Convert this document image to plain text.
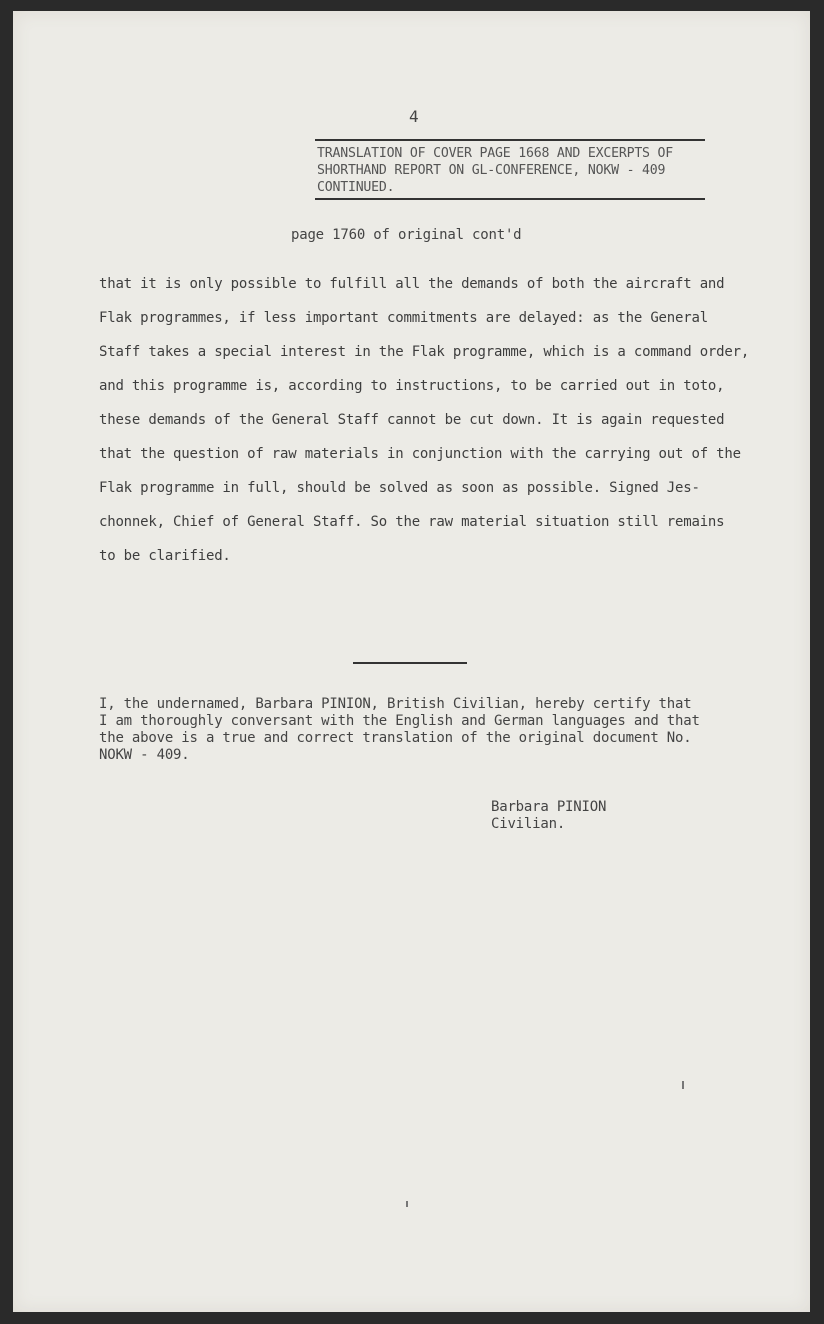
4
TRANSLATION OF COVER PAGE 1668 AND EXCERPTS OF
SHORTHAND REPORT ON GL-CONFERENCE, NOKW - 409
CONTINUED.
page 1760 of original cont'd
that it is only possible to fulfill all the demands of both the aircraft and
Flak programmes, if less important commitments are delayed: as the General
Staff takes a special interest in the Flak programme, which is a command order,
and this programme is, according to instructions, to be carried out in toto,
these demands of the General Staff cannot be cut down. It is again requested
that the question of raw materials in conjunction with the carrying out of the
Flak programme in full, should be solved as soon as possible. Signed Jes-
chonnek, Chief of General Staff. So the raw material situation still remains
to be clarified.
I, the undernamed, Barbara PINION, British Civilian, hereby certify that
I am thoroughly conversant with the English and German languages and that
the above is a true and correct translation of the original document No.
NOKW - 409.
Barbara PINION
Civilian.
